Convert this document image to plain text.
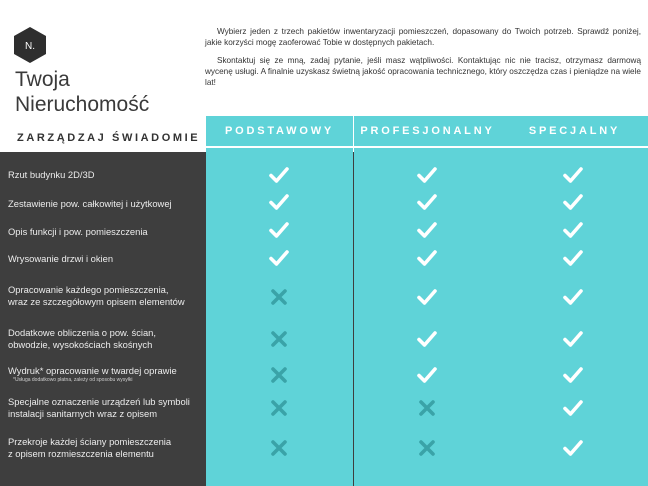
N.
Twoja
Nieruchomość
ZARZĄDZAJ ŚWIADOMIE

Wybierz jeden z trzech pakietów inwentaryzacji pomieszczeń, dopasowany do Twoich potrzeb. Sprawdź poniżej, jakie korzyści mogę zaoferować Tobie w dostępnych pakietach.

Skontaktuj się ze mną, zadaj pytanie, jeśli masz wątpliwości. Kontaktując nic nie tracisz, otrzymasz darmową wycenę usługi. A finalnie uzyskasz świetną jakość opracowania technicznego, który oszczędza czas i pieniądze na wiele lat!

PODSTAWOWY	PROFESJONALNY	SPECJALNY
Rzut budynku 2D/3D
Zestawienie pow. całkowitej i użytkowej
Opis funkcji i pow. pomieszczenia
Wrysowanie drzwi i okien
Opracowanie każdego pomieszczenia,
wraz ze szczegółowym opisem elementów
Dodatkowe obliczenia o pow. ścian,
obwodzie, wysokościach skośnych
Wydruk* opracowanie w twardej oprawie
*Usługa dodatkowo płatna, zależy od sposobu wysyłki
Specjalne oznaczenie urządzeń lub symboli
instalacji sanitarnych wraz z opisem
Przekroje każdej ściany pomieszczenia
z opisem rozmieszczenia elementu
